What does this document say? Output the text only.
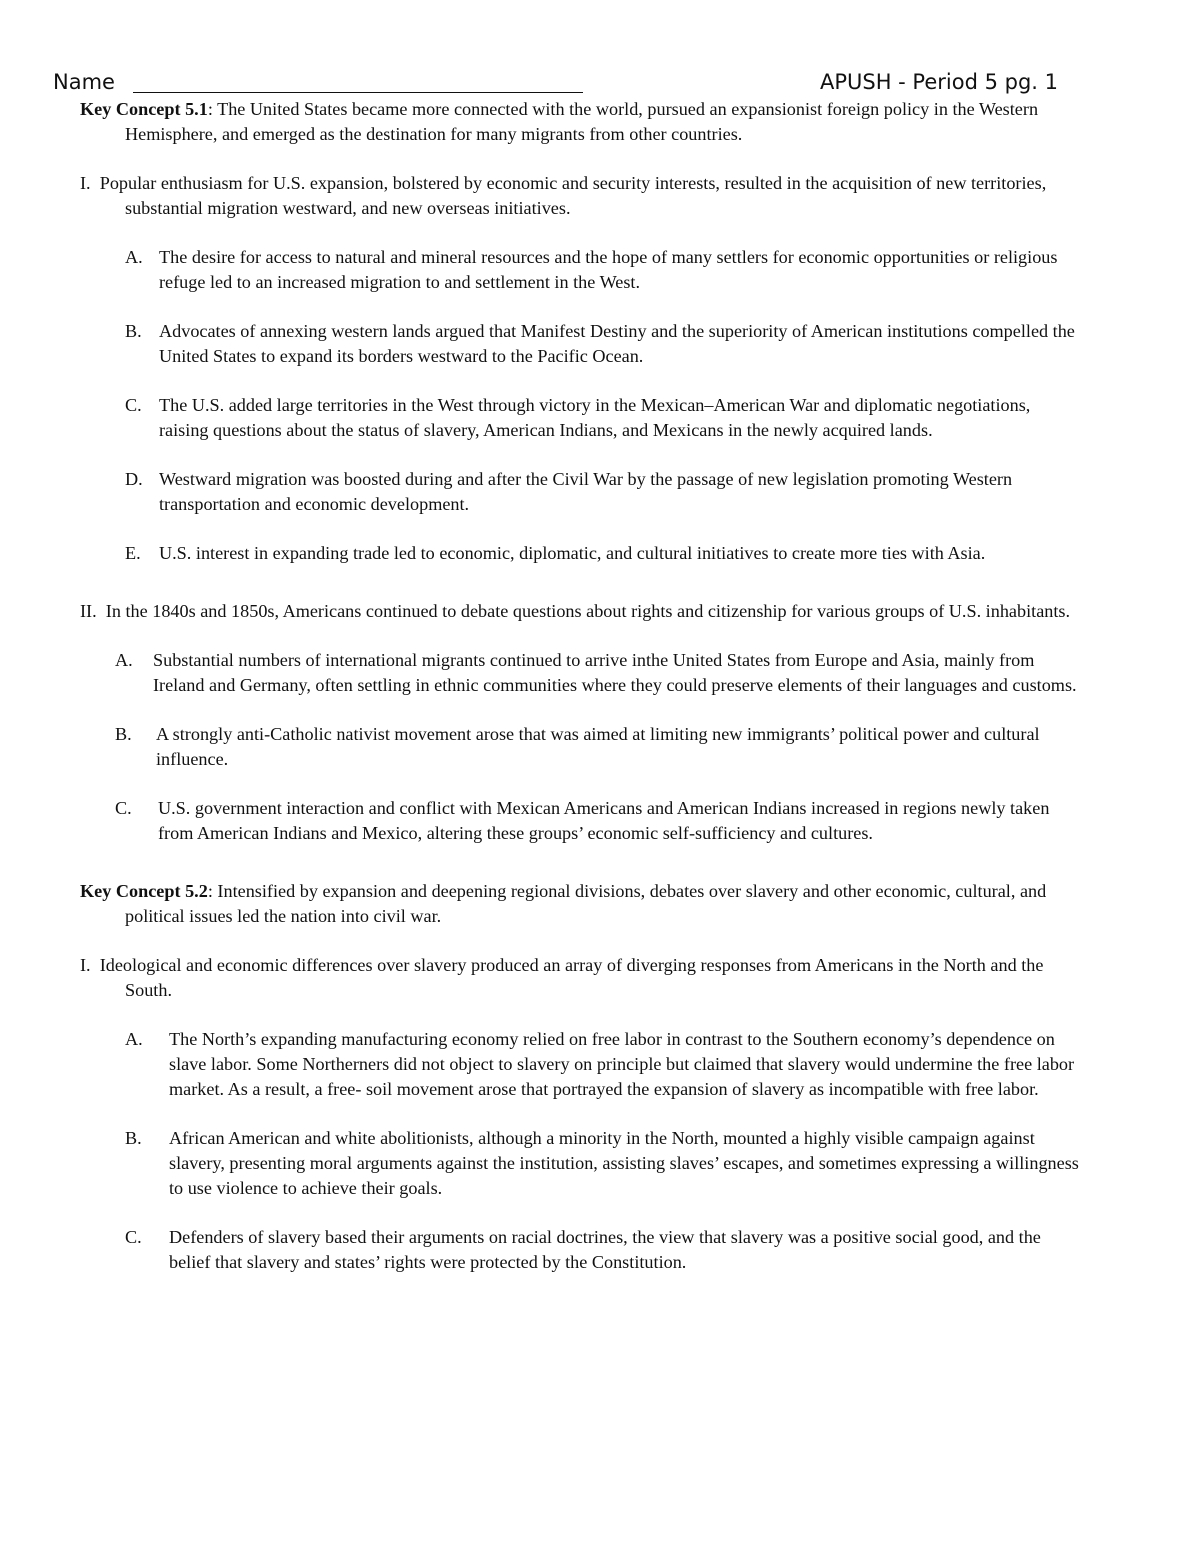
Name	APUSH - Period 5 pg. 1

Key Concept 5.1: The United States became more connected with the world, pursued an expansionist foreign policy in the Western Hemisphere, and emerged as the destination for many migrants from other countries.

I. Popular enthusiasm for U.S. expansion, bolstered by economic and security interests, resulted in the acquisition of new territories, substantial migration westward, and new overseas initiatives.

A. The desire for access to natural and mineral resources and the hope of many settlers for economic opportunities or religious refuge led to an increased migration to and settlement in the West.
B. Advocates of annexing western lands argued that Manifest Destiny and the superiority of American institutions compelled the United States to expand its borders westward to the Pacific Ocean.
C. The U.S. added large territories in the West through victory in the Mexican–American War and diplomatic negotiations, raising questions about the status of slavery, American Indians, and Mexicans in the newly acquired lands.
D. Westward migration was boosted during and after the Civil War by the passage of new legislation promoting Western transportation and economic development.
E. U.S. interest in expanding trade led to economic, diplomatic, and cultural initiatives to create more ties with Asia.

II. In the 1840s and 1850s, Americans continued to debate questions about rights and citizenship for various groups of U.S. inhabitants.

A. Substantial numbers of international migrants continued to arrive inthe United States from Europe and Asia, mainly from Ireland and Germany, often settling in ethnic communities where they could preserve elements of their languages and customs.
B. A strongly anti-Catholic nativist movement arose that was aimed at limiting new immigrants’ political power and cultural influence.
C. U.S. government interaction and conflict with Mexican Americans and American Indians increased in regions newly taken from American Indians and Mexico, altering these groups’ economic self-sufficiency and cultures.

Key Concept 5.2: Intensified by expansion and deepening regional divisions, debates over slavery and other economic, cultural, and political issues led the nation into civil war.

I. Ideological and economic differences over slavery produced an array of diverging responses from Americans in the North and the South.

A. The North’s expanding manufacturing economy relied on free labor in contrast to the Southern economy’s dependence on slave labor. Some Northerners did not object to slavery on principle but claimed that slavery would undermine the free labor market. As a result, a free- soil movement arose that portrayed the expansion of slavery as incompatible with free labor.
B. African American and white abolitionists, although a minority in the North, mounted a highly visible campaign against slavery, presenting moral arguments against the institution, assisting slaves’ escapes, and sometimes expressing a willingness to use violence to achieve their goals.
C. Defenders of slavery based their arguments on racial doctrines, the view that slavery was a positive social good, and the belief that slavery and states’ rights were protected by the Constitution.
